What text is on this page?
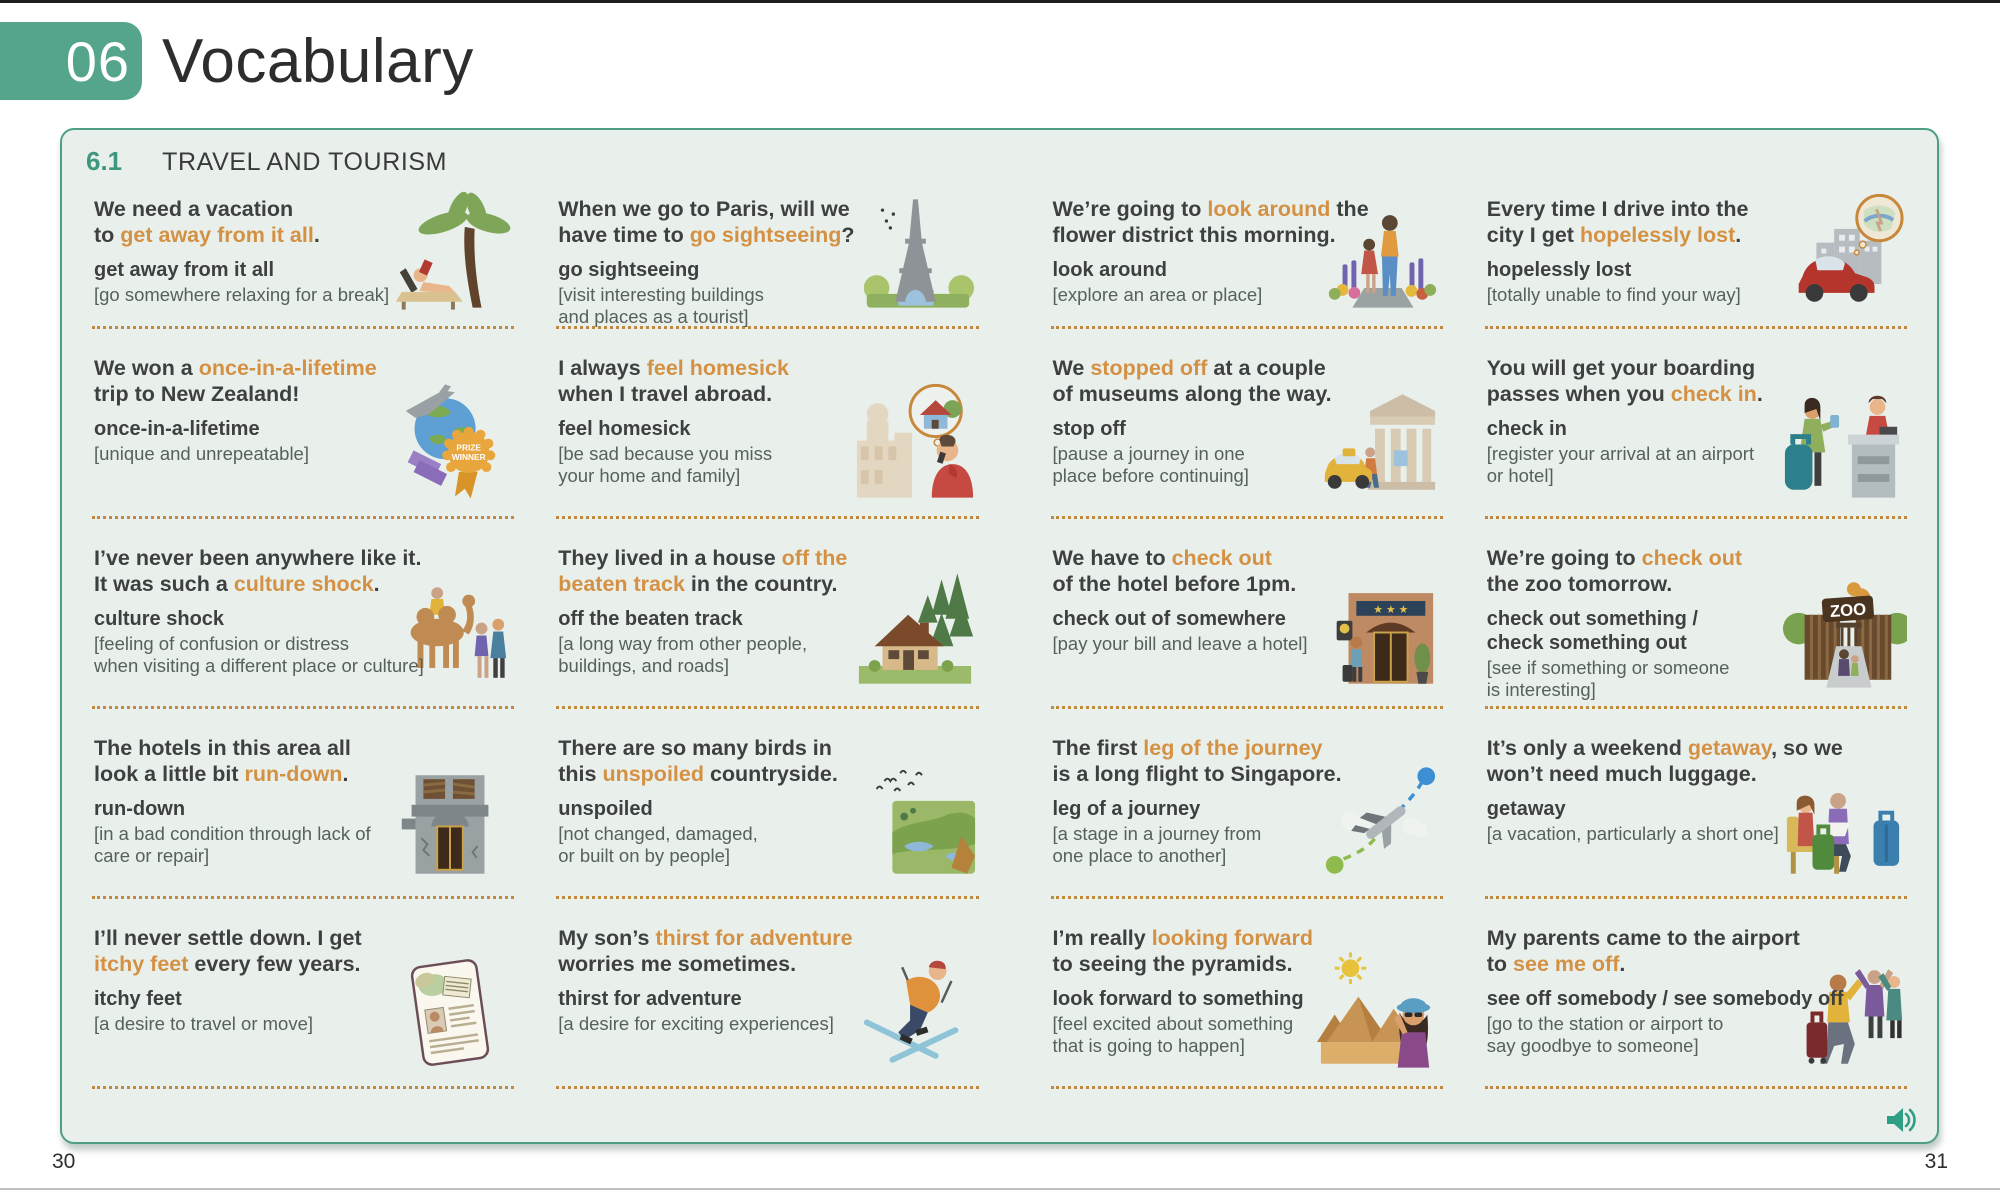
06 Vocabulary
6.1 TRAVEL AND TOURISM

We need a vacation
to get away from it all.

get away from it all

[go somewhere relaxing for a break]

When we go to Paris, will we
have time to go sightseeing?

go sightseeing

[visit interesting buildings
and places as a tourist]

We’re going to look around the
flower district this morning.

look around

[explore an area or place]

Every time I drive into the
city I get hopelessly lost.

hopelessly lost

[totally unable to find your way]

We won a once-in-a-lifetime
trip to New Zealand!

once-in-a-lifetime

[unique and unrepeatable]	PRIZE
WINNER

I always feel homesick
when I travel abroad.

feel homesick

[be sad because you miss
your home and family]

We stopped off at a couple
of museums along the way.

stop off

[pause a journey in one
place before continuing]

You will get your boarding
passes when you check in.

check in

[register your arrival at an airport
or hotel]

I’ve never been anywhere like it.
It was such a culture shock.

culture shock

[feeling of confusion or distress
when visiting a different place or culture]

They lived in a house off the
beaten track in the country.

off the beaten track

[a long way from other people,
buildings, and roads]

We have to check out
of the hotel before 1pm.

check out of somewhere

[pay your bill and leave a hotel]

★ ★ ★

We’re going to check out
the zoo tomorrow.

check out something /
check something out

[see if something or someone
is interesting]

ZOO

The hotels in this area all
look a little bit run-down.

run-down

[in a bad condition through lack of
care or repair]

There are so many birds in
this unspoiled countryside.

unspoiled

[not changed, damaged,
or built on by people]

The first leg of the journey
is a long flight to Singapore.

leg of a journey

[a stage in a journey from
one place to another]

It’s only a weekend getaway, so we
won’t need much luggage.

getaway

[a vacation, particularly a short one]

I’ll never settle down. I get
itchy feet every few years.

itchy feet

[a desire to travel or move]

My son’s thirst for adventure
worries me sometimes.

thirst for adventure

[a desire for exciting experiences]

I’m really looking forward
to seeing the pyramids.

look forward to something

[feel excited about something
that is going to happen]

My parents came to the airport
to see me off.

see off somebody / see somebody off

[go to the station or airport to
say goodbye to someone]

30	31
